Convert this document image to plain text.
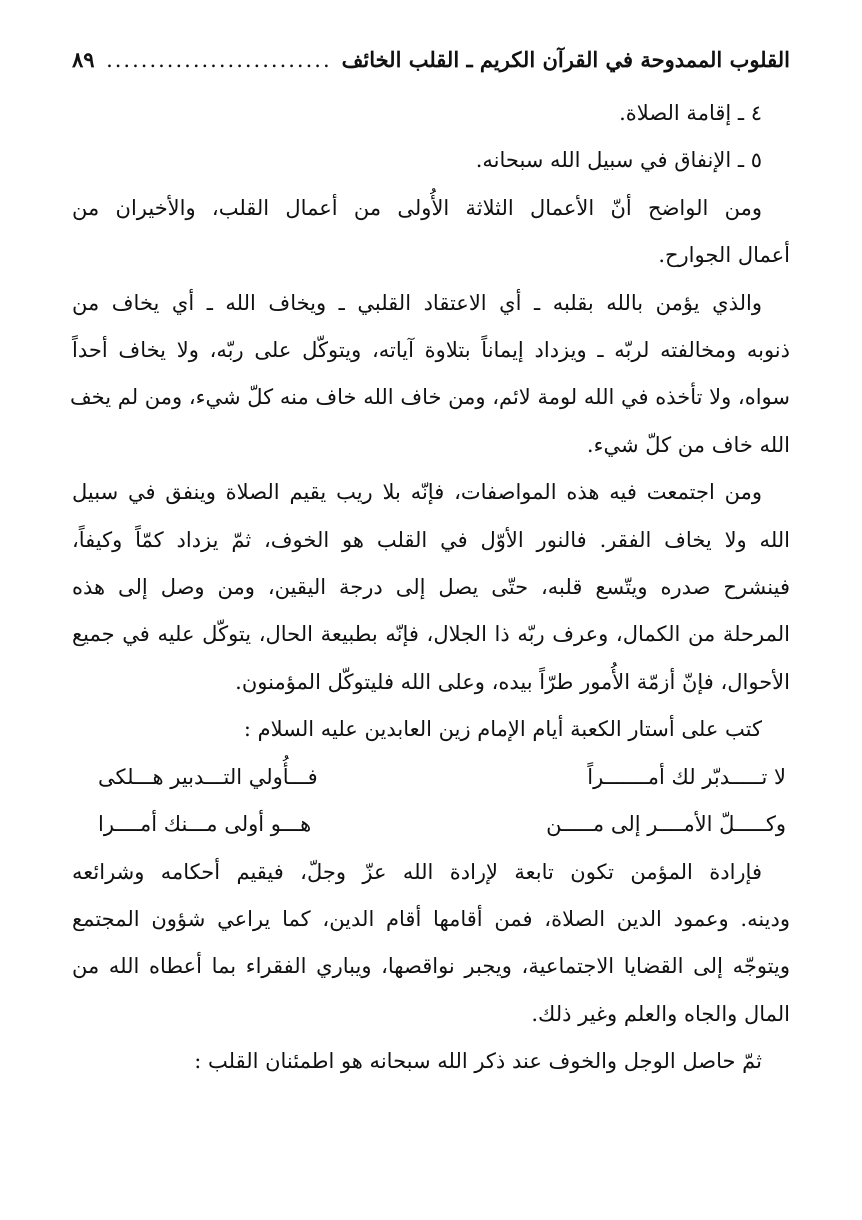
القلوب الممدوحة في القرآن الكريم ـ القلب الخائف
.....
٨٩
٤ ـ إقامة الصلاة.
٥ ـ الإنفاق في سبيل الله سبحانه.
ومن الواضح أنّ الأعمال الثلاثة الأُولى من أعمال القلب، والأخيران من
أعمال الجوارح.
والذي يؤمن بالله بقلبه ـ أي الاعتقاد القلبي ـ ويخاف الله ـ أي يخاف من
ذنوبه ومخالفته لربّه ـ ويزداد إيماناً بتلاوة آياته، ويتوكّل على ربّه، ولا يخاف أحداً
سواه، ولا تأخذه في الله لومة لائم، ومن خاف الله خاف منه كلّ شيء، ومن لم يخف
الله خاف من كلّ شيء.
ومن اجتمعت فيه هذه المواصفات، فإنّه بلا ريب يقيم الصلاة وينفق في سبيل
الله ولا يخاف الفقر. فالنور الأوّل في القلب هو الخوف، ثمّ يزداد كمّاً وكيفاً،
فينشرح صدره ويتّسع قلبه، حتّى يصل إلى درجة اليقين، ومن وصل إلى هذه
المرحلة من الكمال، وعرف ربّه ذا الجلال، فإنّه بطبيعة الحال، يتوكّل عليه في جميع
الأحوال، فإنّ أزمّة الأُمور طرّاً بيده، وعلى الله فليتوكّل المؤمنون.
كتب على أستار الكعبة أيام الإمام زين العابدين عليه السلام :
لا تـــــدبّر لك أمـــــــراً
فـــأُولي التـــدبير هـــلكى
وكـــــلّ الأمــــر إلى مـــــن
هـــو أولى مـــنك أمــــرا
فإرادة المؤمن تكون تابعة لإرادة الله عزّ وجلّ، فيقيم أحكامه وشرائعه
ودينه. وعمود الدين الصلاة، فمن أقامها أقام الدين، كما يراعي شؤون المجتمع
ويتوجّه إلى القضايا الاجتماعية، ويجبر نواقصها، ويباري الفقراء بما أعطاه الله من
المال والجاه والعلم وغير ذلك.
ثمّ حاصل الوجل والخوف عند ذكر الله سبحانه هو اطمئنان القلب :
